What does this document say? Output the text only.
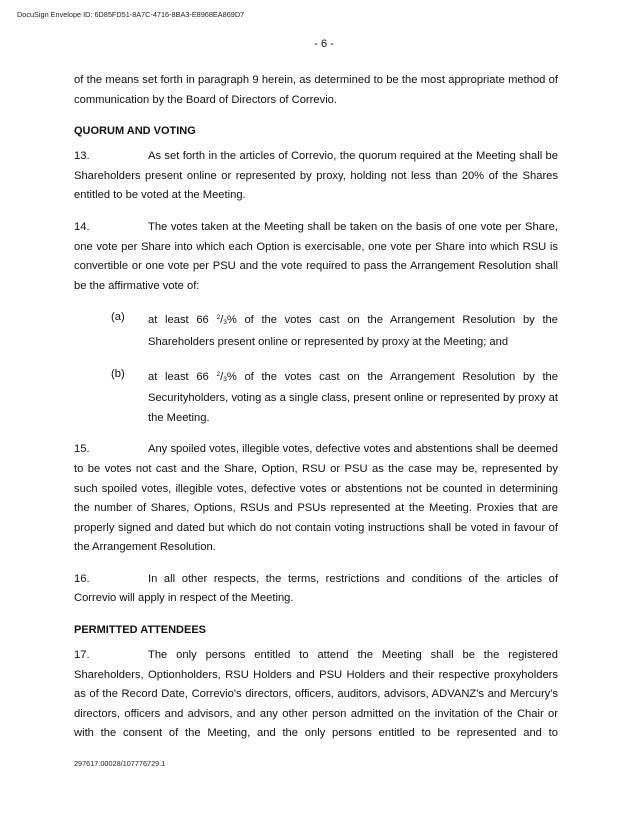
DocuSign Envelope ID: 6D85FD51-8A7C-4716-8BA3-E8968EA869D7
- 6 -

of the means set forth in paragraph 9 herein, as determined to be the most appropriate method of communication by the Board of Directors of Correvio.

QUORUM AND VOTING

13.	As set forth in the articles of Correvio, the quorum required at the Meeting shall be Shareholders present online or represented by proxy, holding not less than 20% of the Shares entitled to be voted at the Meeting.

14.	The votes taken at the Meeting shall be taken on the basis of one vote per Share, one vote per Share into which each Option is exercisable, one vote per Share into which RSU is convertible or one vote per PSU and the vote required to pass the Arrangement Resolution shall be the affirmative vote of:

(a) at least 66 $^2/_3\%$ of the votes cast on the Arrangement Resolution by the Shareholders present online or represented by proxy at the Meeting; and

(b) at least 66 $^2/_3\%$ of the votes cast on the Arrangement Resolution by the Securityholders, voting as a single class, present online or represented by proxy at the Meeting.

15.	Any spoiled votes, illegible votes, defective votes and abstentions shall be deemed to be votes not cast and the Share, Option, RSU or PSU as the case may be, represented by such spoiled votes, illegible votes, defective votes or abstentions not be counted in determining the number of Shares, Options, RSUs and PSUs represented at the Meeting. Proxies that are properly signed and dated but which do not contain voting instructions shall be voted in favour of the Arrangement Resolution.

16.	In all other respects, the terms, restrictions and conditions of the articles of Correvio will apply in respect of the Meeting.

PERMITTED ATTENDEES

17.	The only persons entitled to attend the Meeting shall be the registered Shareholders, Optionholders, RSU Holders and PSU Holders and their respective proxyholders as of the Record Date, Correvio's directors, officers, auditors, advisors, ADVANZ's and Mercury's directors, officers and advisors, and any other person admitted on the invitation of the Chair or with the consent of the Meeting, and the only persons entitled to be represented and to

297617.00028/107776729.1
